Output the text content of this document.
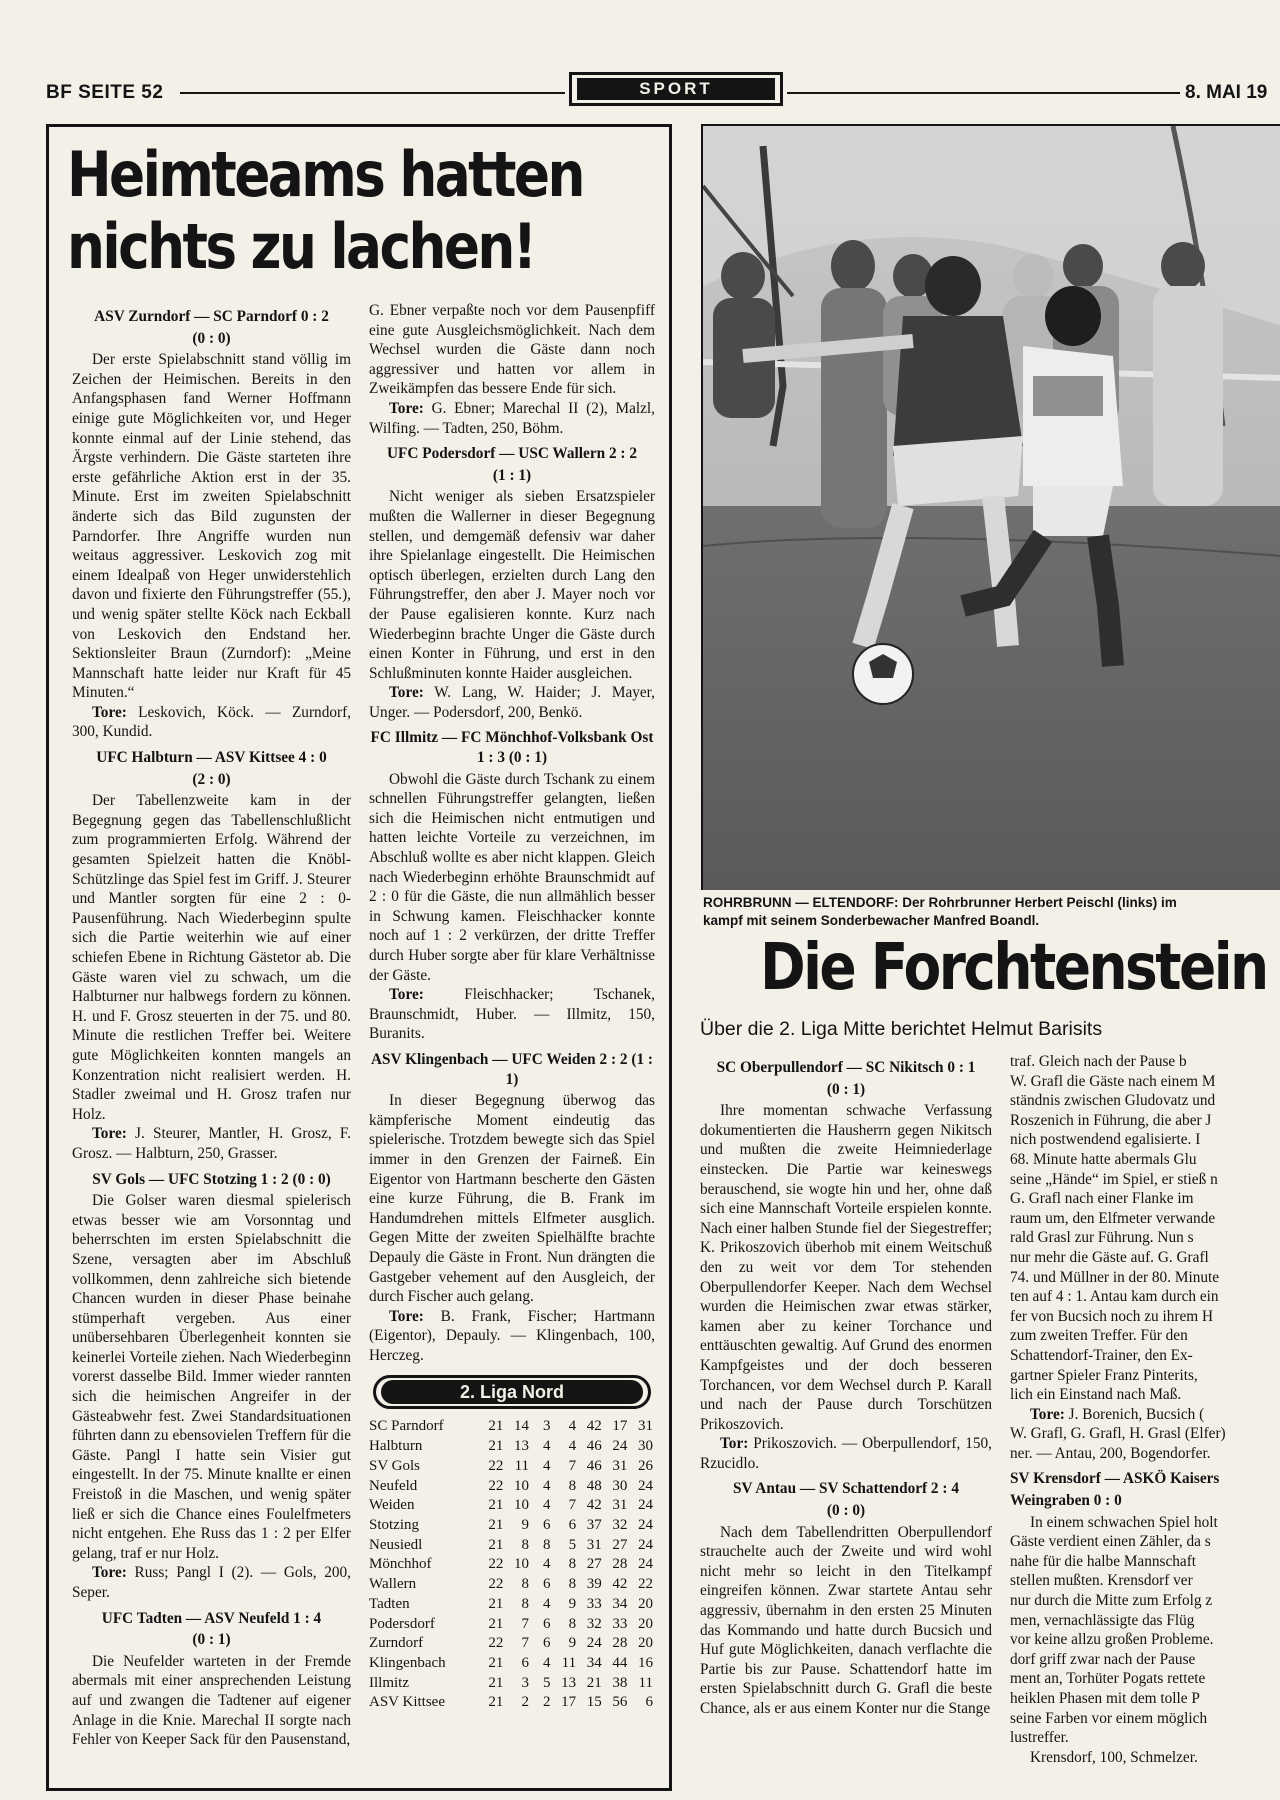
BF SEITE 52	SPORT	8. MAI 19
Heimteams hatten
nichts zu lachen!

ASV Zurndorf — SC Parndorf 0 : 2

(0 : 0)

Der erste Spielabschnitt stand völlig im Zeichen der Heimischen. Bereits in den Anfangsphasen fand Werner Hoffmann einige gute Möglichkeiten vor, und Heger konnte einmal auf der Linie stehend, das Ärgste verhindern. Die Gäste starteten ihre erste gefährliche Aktion erst in der 35. Minute. Erst im zweiten Spielabschnitt änderte sich das Bild zugunsten der Parndorfer. Ihre Angriffe wurden nun weitaus aggressiver. Leskovich zog mit einem Idealpaß von Heger unwiderstehlich davon und fixierte den Führungstreffer (55.), und wenig später stellte Köck nach Eckball von Leskovich den Endstand her. Sektionsleiter Braun (Zurndorf): „Meine Mannschaft hatte leider nur Kraft für 45 Minuten.“

Tore: Leskovich, Köck. — Zurndorf, 300, Kundid.

UFC Halbturn — ASV Kittsee 4 : 0

(2 : 0)

Der Tabellenzweite kam in der Begegnung gegen das Tabellenschlußlicht zum programmierten Erfolg. Während der gesamten Spielzeit hatten die Knöbl-Schützlinge das Spiel fest im Griff. J. Steurer und Mantler sorgten für eine 2 : 0-Pausenführung. Nach Wiederbeginn spulte sich die Partie weiterhin wie auf einer schiefen Ebene in Richtung Gästetor ab. Die Gäste waren viel zu schwach, um die Halbturner nur halbwegs fordern zu können. H. und F. Grosz steuerten in der 75. und 80. Minute die restlichen Treffer bei. Weitere gute Möglichkeiten konnten mangels an Konzentration nicht realisiert werden. H. Stadler zweimal und H. Grosz trafen nur Holz.

Tore: J. Steurer, Mantler, H. Grosz, F. Grosz. — Halbturn, 250, Grasser.

SV Gols — UFC Stotzing 1 : 2 (0 : 0)

Die Golser waren diesmal spielerisch etwas besser wie am Vorsonntag und beherrschten im ersten Spielabschnitt die Szene, versagten aber im Abschluß vollkommen, denn zahlreiche sich bietende Chancen wurden in dieser Phase beinahe stümperhaft vergeben. Aus einer unübersehbaren Überlegenheit konnten sie keinerlei Vorteile ziehen. Nach Wiederbeginn vorerst dasselbe Bild. Immer wieder rannten sich die heimischen Angreifer in der Gästeabwehr fest. Zwei Standardsituationen führten dann zu ebensovielen Treffern für die Gäste. Pangl I hatte sein Visier gut eingestellt. In der 75. Minute knallte er einen Freistoß in die Maschen, und wenig später ließ er sich die Chance eines Foulelfmeters nicht entgehen. Ehe Russ das 1 : 2 per Elfer gelang, traf er nur Holz.

Tore: Russ; Pangl I (2). — Gols, 200, Seper.

UFC Tadten — ASV Neufeld 1 : 4

(0 : 1)

Die Neufelder warteten in der Fremde abermals mit einer ansprechenden Leistung auf und zwangen die Tadtener auf eigener Anlage in die Knie. Marechal II sorgte nach Fehler von Keeper Sack für den Pausenstand,

G. Ebner verpaßte noch vor dem Pausenpfiff eine gute Ausgleichsmöglichkeit. Nach dem Wechsel wurden die Gäste dann noch aggressiver und hatten vor allem in Zweikämpfen das bessere Ende für sich.

Tore: G. Ebner; Marechal II (2), Malzl, Wilfing. — Tadten, 250, Böhm.

UFC Podersdorf — USC Wallern 2 : 2

(1 : 1)

Nicht weniger als sieben Ersatzspieler mußten die Wallerner in dieser Begegnung stellen, und demgemäß defensiv war daher ihre Spielanlage eingestellt. Die Heimischen optisch überlegen, erzielten durch Lang den Führungstreffer, den aber J. Mayer noch vor der Pause egalisieren konnte. Kurz nach Wiederbeginn brachte Unger die Gäste durch einen Konter in Führung, und erst in den Schlußminuten konnte Haider ausgleichen.

Tore: W. Lang, W. Haider; J. Mayer, Unger. — Podersdorf, 200, Benkö.

FC Illmitz — FC Mönchhof-Volksbank Ost 1 : 3 (0 : 1)

Obwohl die Gäste durch Tschank zu einem schnellen Führungstreffer gelangten, ließen sich die Heimischen nicht entmutigen und hatten leichte Vorteile zu verzeichnen, im Abschluß wollte es aber nicht klappen. Gleich nach Wiederbeginn erhöhte Braunschmidt auf 2 : 0 für die Gäste, die nun allmählich besser in Schwung kamen. Fleischhacker konnte noch auf 1 : 2 verkürzen, der dritte Treffer durch Huber sorgte aber für klare Verhältnisse der Gäste.

Tore: Fleischhacker; Tschanek, Braunschmidt, Huber. — Illmitz, 150, Buranits.

ASV Klingenbach — UFC Weiden 2 : 2 (1 : 1)

In dieser Begegnung überwog das kämpferische Moment eindeutig das spielerische. Trotzdem bewegte sich das Spiel immer in den Grenzen der Fairneß. Ein Eigentor von Hartmann bescherte den Gästen eine kurze Führung, die B. Frank im Handumdrehen mittels Elfmeter ausglich. Gegen Mitte der zweiten Spielhälfte brachte Depauly die Gäste in Front. Nun drängten die Gastgeber vehement auf den Ausgleich, der durch Fischer auch gelang.

Tore: B. Frank, Fischer; Hartmann (Eigentor), Depauly. — Klingenbach, 100, Herczeg.

2. Liga Nord
SC Parndorf	21	14	3	4	42	17	31
Halbturn	21	13	4	4	46	24	30
SV Gols	22	11	4	7	46	31	26
Neufeld	22	10	4	8	48	30	24
Weiden	21	10	4	7	42	31	24
Stotzing	21	9	6	6	37	32	24
Neusiedl	21	8	8	5	31	27	24
Mönchhof	22	10	4	8	27	28	24
Wallern	22	8	6	8	39	42	22
Tadten	21	8	4	9	33	34	20
Podersdorf	21	7	6	8	32	33	20
Zurndorf	22	7	6	9	24	28	20
Klingenbach	21	6	4	11	34	44	16
Illmitz	21	3	5	13	21	38	11
ASV Kittsee	21	2	2	17	15	56	6
ROHRBRUNN — ELTENDORF: Der Rohrbrunner Herbert Peischl (links) im
kampf mit seinem Sonderbewacher Manfred Boandl.
Die Forchtenstein
Über die 2. Liga Mitte berichtet Helmut Barisits

SC Oberpullendorf — SC Nikitsch 0 : 1

(0 : 1)

Ihre momentan schwache Verfassung dokumentierten die Hausherrn gegen Nikitsch und mußten die zweite Heimniederlage einstecken. Die Partie war keineswegs berauschend, sie wogte hin und her, ohne daß sich eine Mannschaft Vorteile erspielen konnte. Nach einer halben Stunde fiel der Siegestreffer; K. Prikoszovich überhob mit einem Weitschuß den zu weit vor dem Tor stehenden Oberpullendorfer Keeper. Nach dem Wechsel wurden die Heimischen zwar etwas stärker, kamen aber zu keiner Torchance und enttäuschten gewaltig. Auf Grund des enormen Kampfgeistes und der doch besseren Torchancen, vor dem Wechsel durch P. Karall und nach der Pause durch Torschützen Prikoszovich.

Tor: Prikoszovich. — Oberpullendorf, 150, Rzucidlo.

SV Antau — SV Schattendorf 2 : 4

(0 : 0)

Nach dem Tabellendritten Oberpullendorf strauchelte auch der Zweite und wird wohl nicht mehr so leicht in den Titelkampf eingreifen können. Zwar startete Antau sehr aggressiv, übernahm in den ersten 25 Minuten das Kommando und hatte durch Bucsich und Huf gute Möglichkeiten, danach verflachte die Partie bis zur Pause. Schattendorf hatte im ersten Spielabschnitt durch G. Grafl die beste Chance, als er aus einem Konter nur die Stange

traf. Gleich nach der Pause b

W. Grafl die Gäste nach einem M

ständnis zwischen Gludovatz und

Roszenich in Führung, die aber J

nich postwendend egalisierte. I

68. Minute hatte abermals Glu

seine „Hände“ im Spiel, er stieß n

G. Grafl nach einer Flanke im

raum um, den Elfmeter verwande

rald Grasl zur Führung. Nun s

nur mehr die Gäste auf. G. Grafl

74. und Müllner in der 80. Minute

ten auf 4 : 1. Antau kam durch ein

fer von Bucsich noch zu ihrem H

zum zweiten Treffer. Für den

Schattendorf-Trainer, den Ex-

gartner Spieler Franz Pinterits,

lich ein Einstand nach Maß.

Tore: J. Borenich, Bucsich (

W. Grafl, G. Grafl, H. Grasl (Elfer)

ner. — Antau, 200, Bogendorfer.

SV Krensdorf — ASKÖ Kaisers

Weingraben 0 : 0

In einem schwachen Spiel holt

Gäste verdient einen Zähler, da s

nahe für die halbe Mannschaft

stellen mußten. Krensdorf ver

nur durch die Mitte zum Erfolg z

men, vernachlässigte das Flüg

vor keine allzu großen Probleme.

dorf griff zwar nach der Pause

ment an, Torhüter Pogats rettete

heiklen Phasen mit dem tolle P

seine Farben vor einem möglich

lustreffer.

Krensdorf, 100, Schmelzer.
